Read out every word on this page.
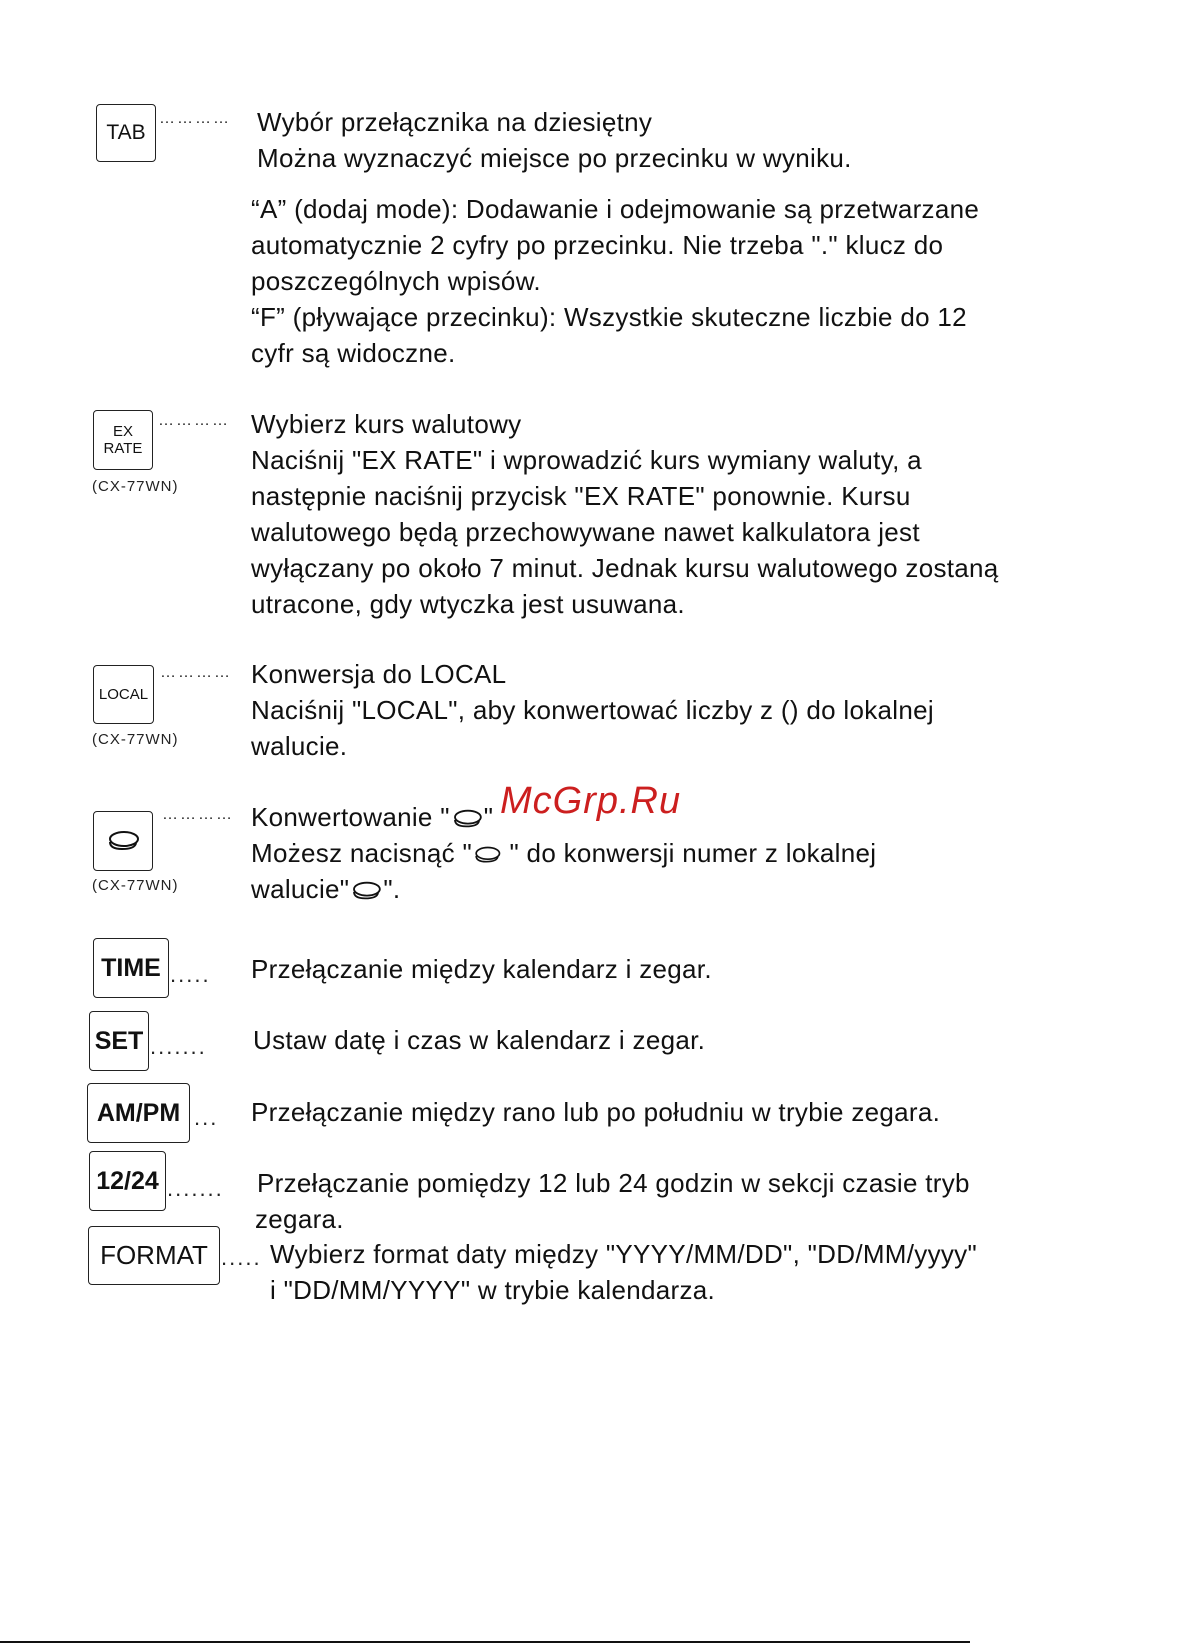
TAB
………… Wybór przełącznika na dziesiętny
Można wyznaczyć miejsce po przecinku w wyniku.
“A” (dodaj mode): Dodawanie i odejmowanie są przetwarzane
automatycznie 2 cyfry po przecinku. Nie trzeba "." klucz do
poszczególnych wpisów.
“F” (pływające przecinku): Wszystkie skuteczne liczbie do 12
cyfr są widoczne.
EX
RATE
…………
(CX-77WN)
Wybierz kurs walutowy
Naciśnij "EX RATE" i wprowadzić kurs wymiany waluty, a
następnie naciśnij przycisk "EX RATE" ponownie. Kursu
walutowego będą przechowywane nawet kalkulatora jest
wyłączany po około 7 minut. Jednak kursu walutowego zostaną
utracone, gdy wtyczka jest usuwana.
LOCAL
…………
(CX-77WN)
Konwersja do LOCAL
Naciśnij "LOCAL", aby konwertować liczby z () do lokalnej
walucie.
McGrp.Ru
…………
(CX-77WN)
Konwertowanie " "
Możesz nacisnąć " " do konwersji numer z lokalnej
walucie" ".
TIME ..... Przełączanie między kalendarz i zegar.
SET ....... Ustaw datę i czas w kalendarz i zegar.
AM/PM ... Przełączanie między rano lub po południu w trybie zegara.
12/24 ....... Przełączanie pomiędzy 12 lub 24 godzin w sekcji czasie tryb
zegara.
FORMAT ..... Wybierz format daty między "YYYY/MM/DD", "DD/MM/yyyy"
i "DD/MM/YYYY" w trybie kalendarza.
